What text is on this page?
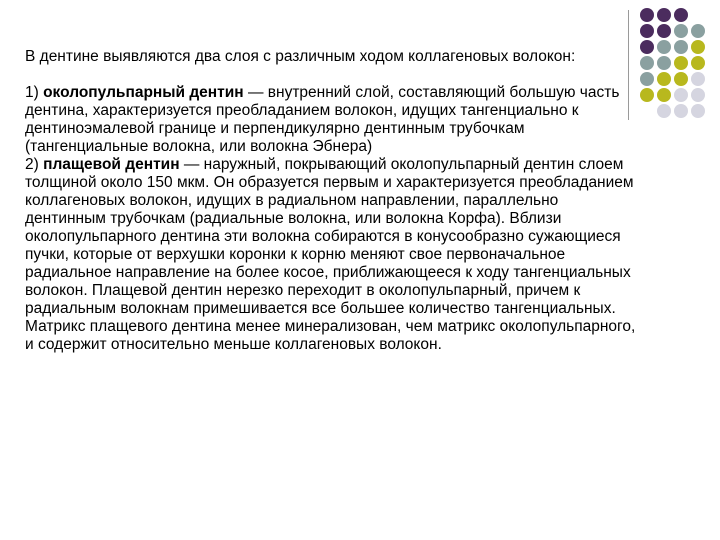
В дентине выявляются два слоя с различным ходом коллагеновых волокон:

1) околопульпарный дентин — внутренний слой, составляющий большую часть дентина, характеризуется преобладанием волокон, идущих тангенциально к дентиноэмалевой границе и перпендикулярно дентинным трубочкам (тангенциальные волокна, или волокна Эбнера)

2) плащевой дентин — наружный, покрывающий околопульпарный дентин слоем толщиной около 150 мкм. Он образуется первым и характеризуется преобладанием коллагеновых волокон, идущих в радиальном направлении, параллельно дентинным трубочкам (радиальные волокна, или волокна Корфа). Вблизи околопульпарного дентина эти волокна собираются в конусообразно сужающиеся пучки, которые от верхушки коронки к корню меняют свое первоначальное радиальное направление на более косое, приближающееся к ходу тангенциальных волокон. Плащевой дентин нерезко переходит в околопульпарный, причем к радиальным волокнам примешивается все большее количество тангенциальных. Матрикс плащевого дентина менее минерализован, чем матрикс околопульпарного, и содержит относительно меньше коллагеновых волокон.
